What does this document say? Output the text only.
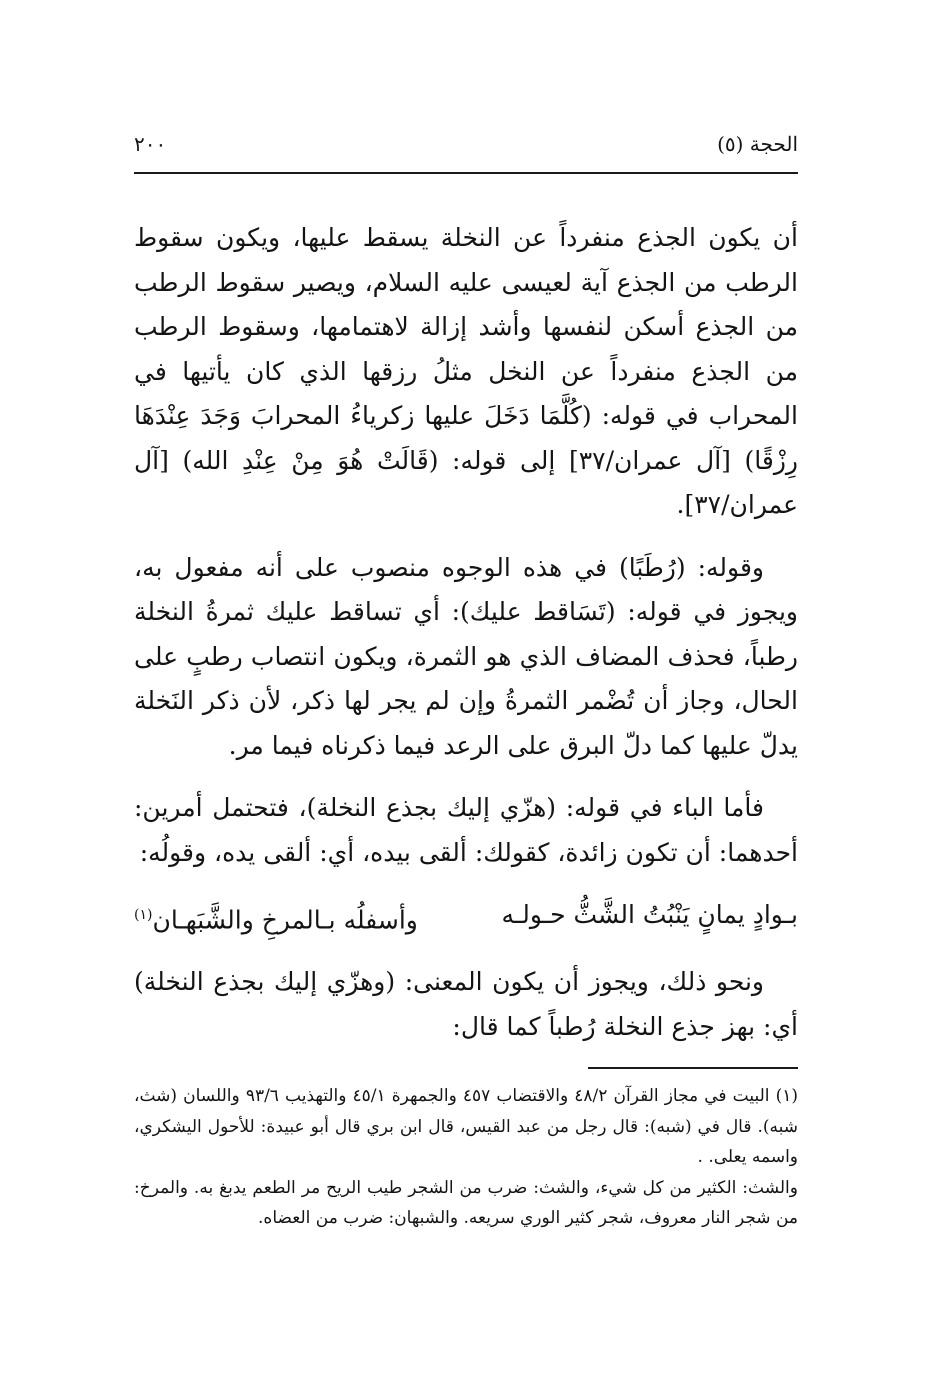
الحجة (٥)
٢٠٠

أن يكون الجذع منفرداً عن النخلة يسقط عليها، ويكون سقوط الرطب من الجذع آية لعيسى عليه السلام، ويصير سقوط الرطب من الجذع أسكن لنفسها وأشد إزالة لاهتمامها، وسقوط الرطب من الجذع منفرداً عن النخل مثلُ رزقها الذي كان يأتيها في المحراب في قوله: (كُلَّمَا دَخَلَ عليها زكرياءُ المحرابَ وَجَدَ عِنْدَهَا رِزْقًا) [آل عمران/٣٧] إلى قوله: (قَالَتْ هُوَ مِنْ عِنْدِ الله) [آل عمران/٣٧].

وقوله: (رُطَبًا) في هذه الوجوه منصوب على أنه مفعول به، ويجوز في قوله: (تَسَاقط عليك): أي تساقط عليك ثمرةُ النخلة رطباً، فحذف المضاف الذي هو الثمرة، ويكون انتصاب رطبٍ على الحال، وجاز أن تُضْمر الثمرةُ وإن لم يجر لها ذكر، لأن ذكر النَخلة يدلّ عليها كما دلّ البرق على الرعد فيما ذكرناه فيما مر.

فأما الباء في قوله: (هزّي إليك بجذع النخلة)، فتحتمل أمرين: أحدهما: أن تكون زائدة، كقولك: ألقى بيده، أي: ألقى يده، وقولُه:

بـوادٍ يمانٍ يَنْبُتُ الشَّثُّ حـولـه
وأسفلُه بـالمرخِ والشَّبَهـان$^{(١)}$

ونحو ذلك، ويجوز أن يكون المعنى: (وهزّي إليك بجذع النخلة) أي: بهز جذع النخلة رُطباً كما قال:

(١) البيت في مجاز القرآن ٤٨/٢ والاقتضاب ٤٥٧ والجمهرة ٤٥/١ والتهذيب ٩٣/٦ واللسان (شث، شبه). قال في (شبه): قال رجل من عبد القيس، قال ابن بري قال أبو عبيدة: للأحول اليشكري، واسمه يعلى. .

والشث: الكثير من كل شيء، والشث: ضرب من الشجر طيب الريح مر الطعم يدبغ به. والمرخ: من شجر النار معروف، شجر كثير الوري سريعه. والشبهان: ضرب من العضاه.
